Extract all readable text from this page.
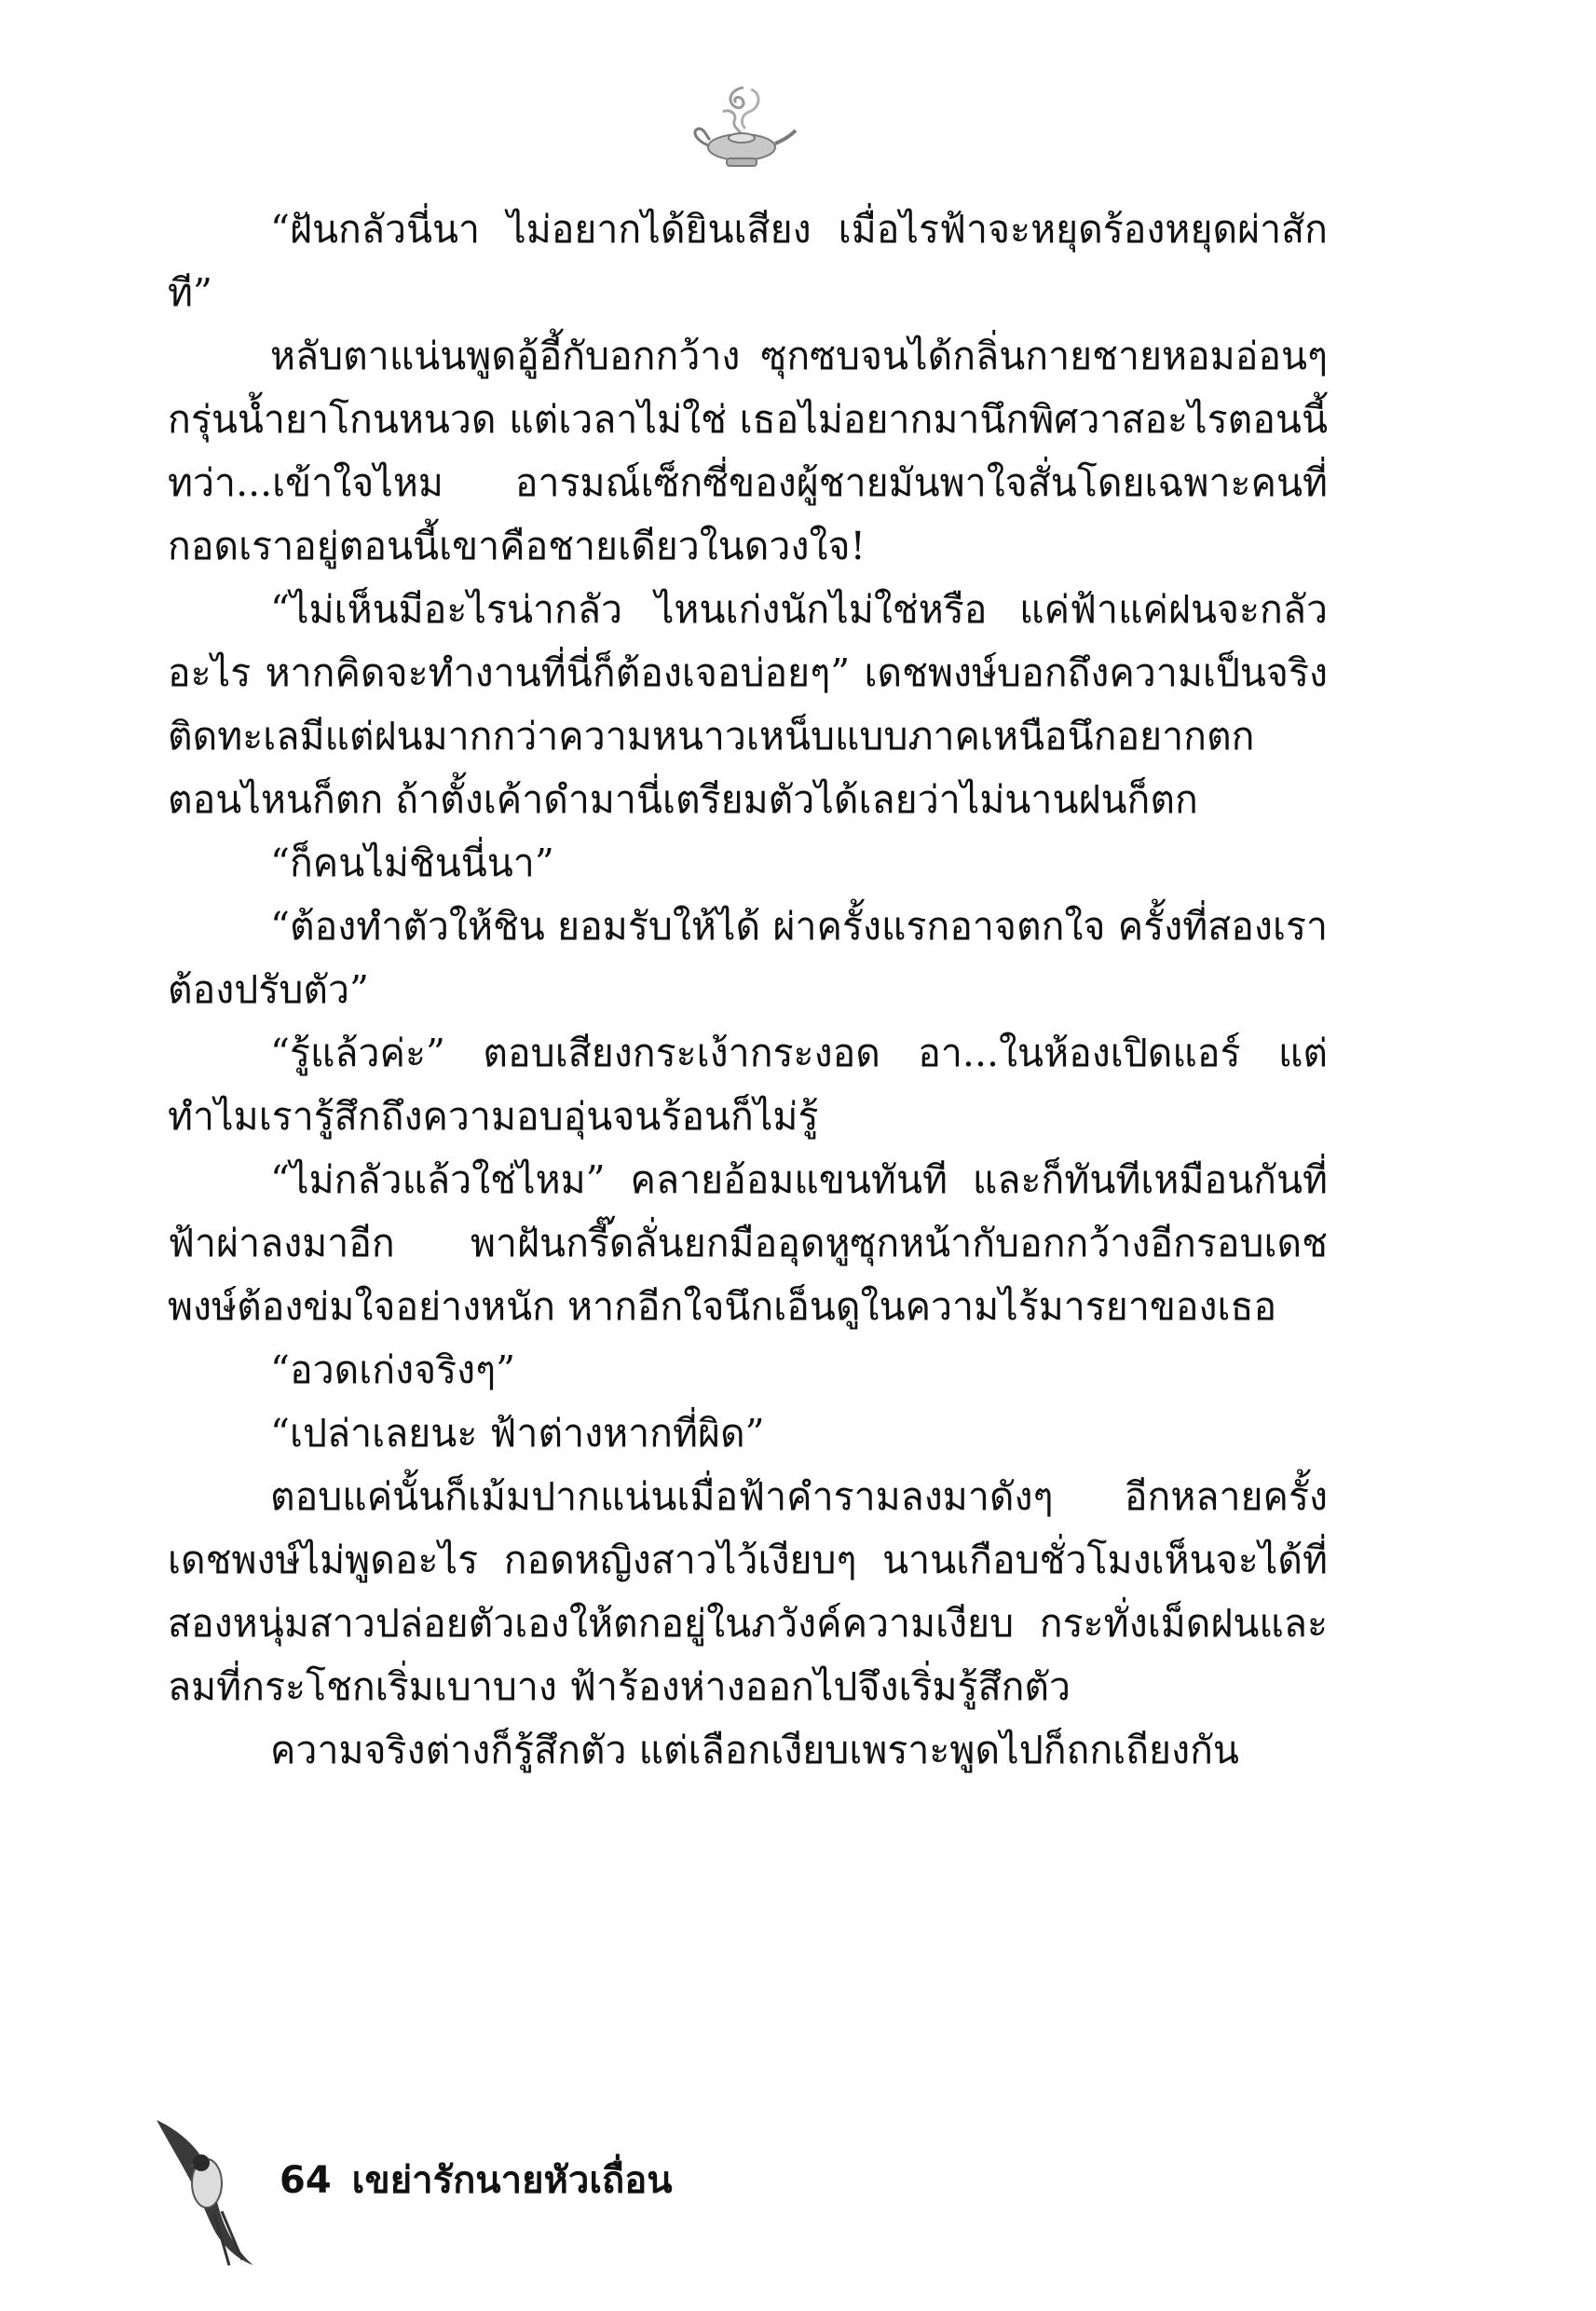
“ฝันกลัวนี่นา ไม่อยากได้ยินเสียง เมื่อไรฟ้าจะหยุดร้องหยุดผ่าสักที”

หลับตาแน่นพูดอู้อี้กับอกกว้าง ซุกซบจนได้กลิ่นกายชายหอมอ่อนๆ กรุ่นน้ำยาโกนหนวด แต่เวลาไม่ใช่ เธอไม่อยากมานึกพิศวาสอะไรตอนนี้ ทว่า...เข้าใจไหม อารมณ์เซ็กซี่ของผู้ชายมันพาใจสั่นโดยเฉพาะคนที่กอดเราอยู่ตอนนี้เขาคือชายเดียวในดวงใจ!

“ไม่เห็นมีอะไรน่ากลัว ไหนเก่งนักไม่ใช่หรือ แค่ฟ้าแค่ฝนจะกลัวอะไร หากคิดจะทำงานที่นี่ก็ต้องเจอบ่อยๆ” เดชพงษ์บอกถึงความเป็นจริง ติดทะเลมีแต่ฝนมากกว่าความหนาวเหน็บแบบภาคเหนือนึกอยากตกตอนไหนก็ตก ถ้าตั้งเค้าดำมานี่เตรียมตัวได้เลยว่าไม่นานฝนก็ตก

“ก็คนไม่ชินนี่นา”

“ต้องทำตัวให้ชิน ยอมรับให้ได้ ผ่าครั้งแรกอาจตกใจ ครั้งที่สองเราต้องปรับตัว”

“รู้แล้วค่ะ” ตอบเสียงกระเง้ากระงอด อา...ในห้องเปิดแอร์ แต่ทำไมเรารู้สึกถึงความอบอุ่นจนร้อนก็ไม่รู้

“ไม่กลัวแล้วใช่ไหม” คลายอ้อมแขนทันที และก็ทันทีเหมือนกันที่ฟ้าผ่าลงมาอีก พาฝันกรี๊ดลั่นยกมืออุดหูซุกหน้ากับอกกว้างอีกรอบเดชพงษ์ต้องข่มใจอย่างหนัก หากอีกใจนึกเอ็นดูในความไร้มารยาของเธอ

“อวดเก่งจริงๆ”

“เปล่าเลยนะ ฟ้าต่างหากที่ผิด”

ตอบแค่นั้นก็เม้มปากแน่นเมื่อฟ้าคำรามลงมาดังๆ อีกหลายครั้งเดชพงษ์ไม่พูดอะไร กอดหญิงสาวไว้เงียบๆ นานเกือบชั่วโมงเห็นจะได้ที่สองหนุ่มสาวปล่อยตัวเองให้ตกอยู่ในภวังค์ความเงียบ กระทั่งเม็ดฝนและลมที่กระโชกเริ่มเบาบาง ฟ้าร้องห่างออกไปจึงเริ่มรู้สึกตัว

ความจริงต่างก็รู้สึกตัว แต่เลือกเงียบเพราะพูดไปก็ถกเถียงกัน

64 เขย่ารักนายหัวเถื่อน
